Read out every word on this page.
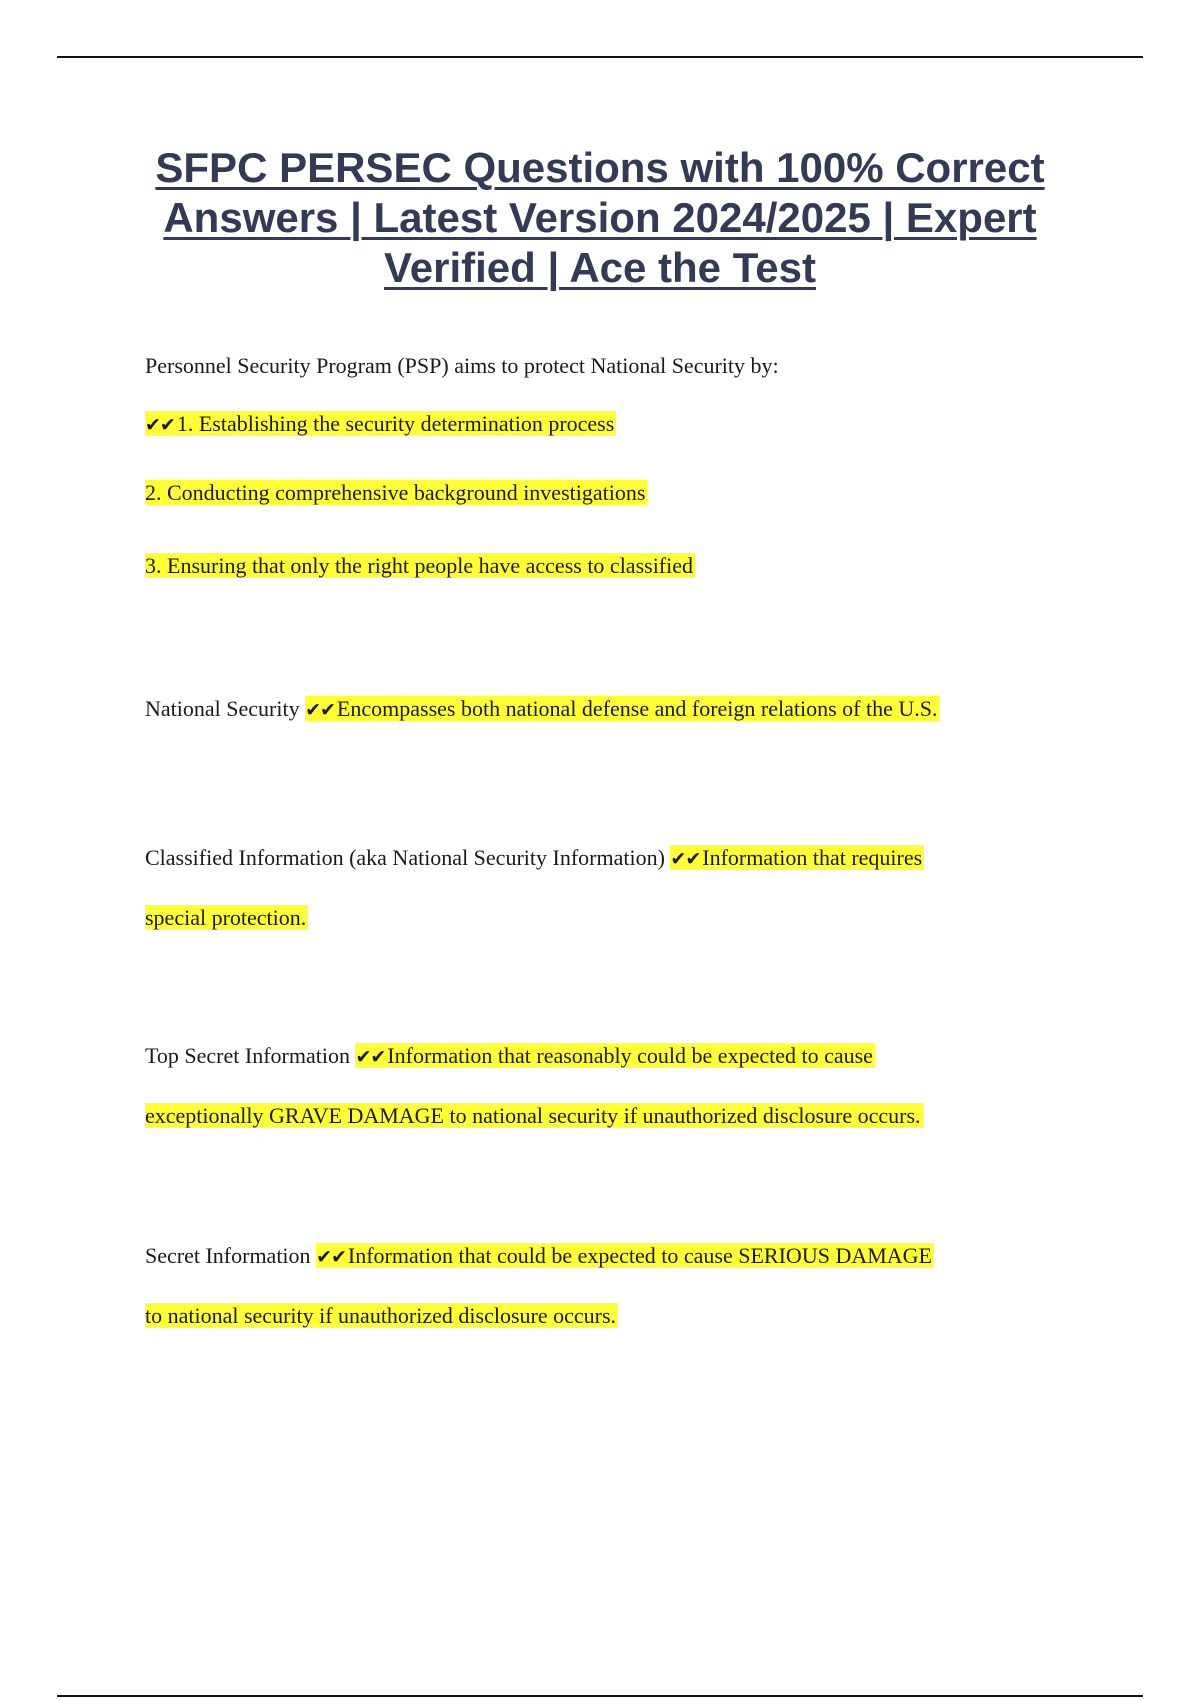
SFPC PERSEC Questions with 100% Correct Answers | Latest Version 2024/2025 | Expert Verified | Ace the Test

Personnel Security Program (PSP) aims to protect National Security by:

✔✔1. Establishing the security determination process

2. Conducting comprehensive background investigations

3. Ensuring that only the right people have access to classified

National Security ✔✔Encompasses both national defense and foreign relations of the U.S.

Classified Information (aka National Security Information) ✔✔Information that requires

special protection.

Top Secret Information ✔✔Information that reasonably could be expected to cause

exceptionally GRAVE DAMAGE to national security if unauthorized disclosure occurs.

Secret Information ✔✔Information that could be expected to cause SERIOUS DAMAGE

to national security if unauthorized disclosure occurs.
